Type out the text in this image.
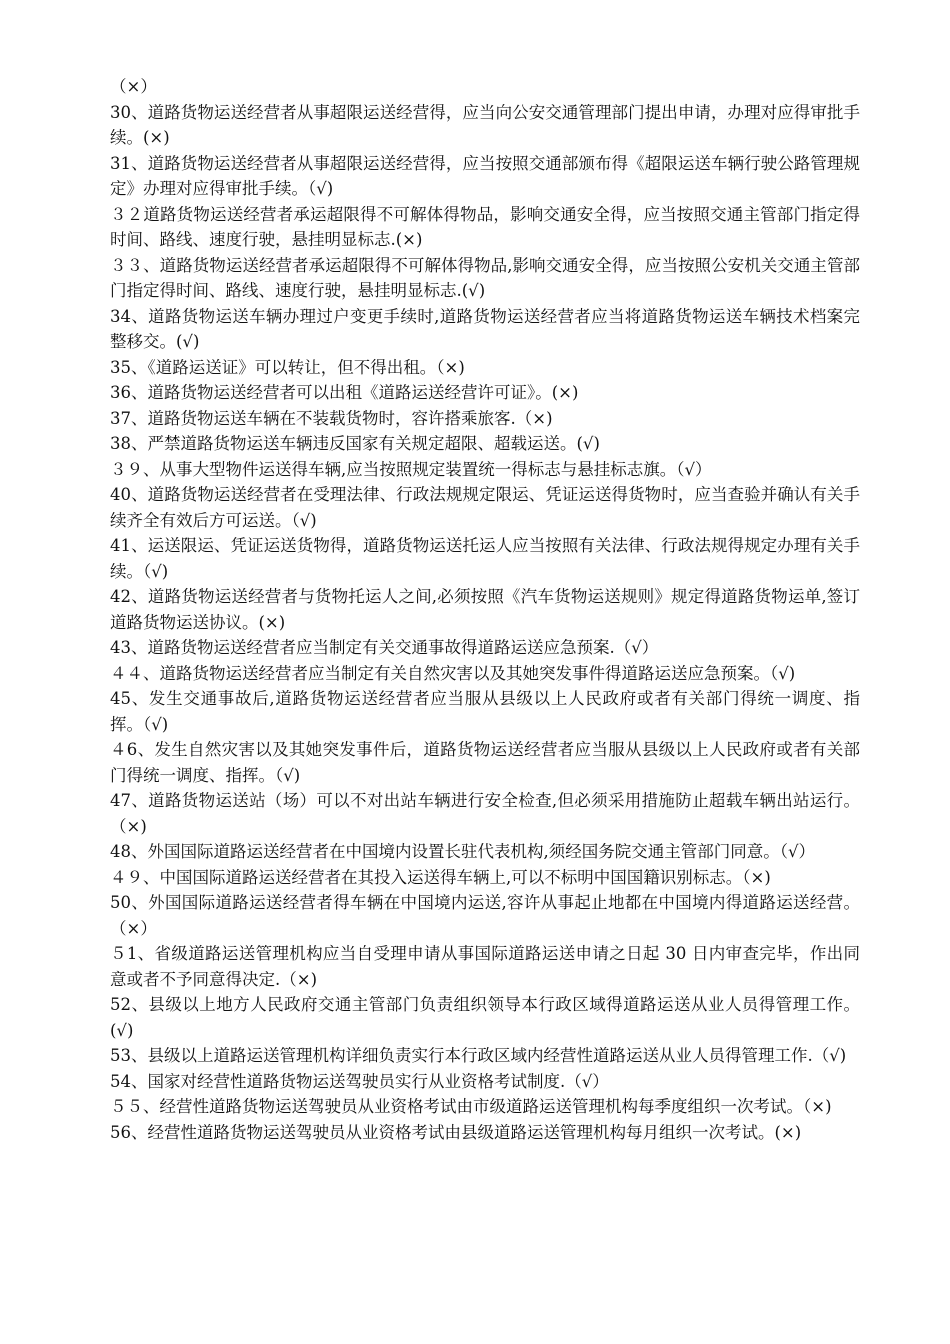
（×）

30、道路货物运送经营者从事超限运送经营得，应当向公安交通管理部门提出申请，办理对应得审批手续。(×)

31、道路货物运送经营者从事超限运送经营得，应当按照交通部颁布得《超限运送车辆行驶公路管理规定》办理对应得审批手续。（√)

３２道路货物运送经营者承运超限得不可解体得物品，影响交通安全得，应当按照交通主管部门指定得时间、路线、速度行驶，悬挂明显标志.(×)

３３、道路货物运送经营者承运超限得不可解体得物品,影响交通安全得，应当按照公安机关交通主管部门指定得时间、路线、速度行驶，悬挂明显标志.(√)

34、道路货物运送车辆办理过户变更手续时,道路货物运送经营者应当将道路货物运送车辆技术档案完整移交。(√)

35、《道路运送证》可以转让，但不得出租。（×)

36、道路货物运送经营者可以出租《道路运送经营许可证》。(×)

37、道路货物运送车辆在不装载货物时，容许搭乘旅客.（×)

38、严禁道路货物运送车辆违反国家有关规定超限、超载运送。(√)

３９、从事大型物件运送得车辆,应当按照规定装置统一得标志与悬挂标志旗。（√）

40、道路货物运送经营者在受理法律、行政法规规定限运、凭证运送得货物时，应当查验并确认有关手续齐全有效后方可运送。（√)

41、运送限运、凭证运送货物得，道路货物运送托运人应当按照有关法律、行政法规得规定办理有关手续。（√)

42、道路货物运送经营者与货物托运人之间,必须按照《汽车货物运送规则》规定得道路货物运单,签订道路货物运送协议。(×)

43、道路货物运送经营者应当制定有关交通事故得道路运送应急预案.（√）

４４、道路货物运送经营者应当制定有关自然灾害以及其她突发事件得道路运送应急预案。（√)

45、发生交通事故后,道路货物运送经营者应当服从县级以上人民政府或者有关部门得统一调度、指挥。（√)

４6、发生自然灾害以及其她突发事件后，道路货物运送经营者应当服从县级以上人民政府或者有关部门得统一调度、指挥。（√)

47、道路货物运送站（场）可以不对出站车辆进行安全检查,但必须采用措施防止超载车辆出站运行。（×)

48、外国国际道路运送经营者在中国境内设置长驻代表机构,须经国务院交通主管部门同意。（√）

４９、中国国际道路运送经营者在其投入运送得车辆上,可以不标明中国国籍识别标志。（×)

50、外国国际道路运送经营者得车辆在中国境内运送,容许从事起止地都在中国境内得道路运送经营。（×）

５1、省级道路运送管理机构应当自受理申请从事国际道路运送申请之日起 30 日内审查完毕，作出同意或者不予同意得决定.（×)

52、县级以上地方人民政府交通主管部门负责组织领导本行政区域得道路运送从业人员得管理工作。(√)

53、县级以上道路运送管理机构详细负责实行本行政区域内经营性道路运送从业人员得管理工作.（√)

54、国家对经营性道路货物运送驾驶员实行从业资格考试制度.（√）

５５、经营性道路货物运送驾驶员从业资格考试由市级道路运送管理机构每季度组织一次考试。（×)

56、经营性道路货物运送驾驶员从业资格考试由县级道路运送管理机构每月组织一次考试。(×)
